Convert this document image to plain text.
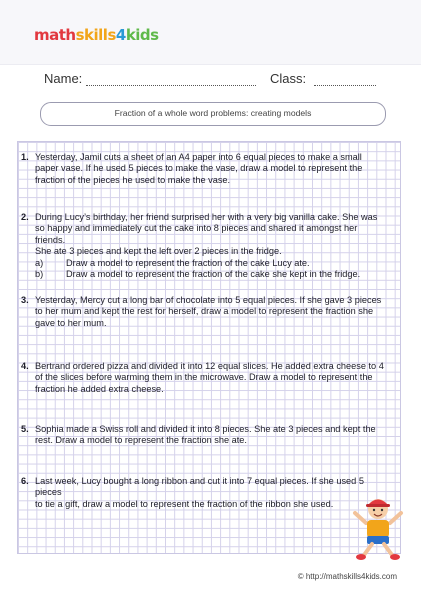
mathskills4kids
Name:	Class:
Fraction of a whole word problems: creating models
1. Yesterday, Jamil cuts a sheet of an A4 paper into 6 equal pieces to make a small
paper vase. If he used 5 pieces to make the vase, draw a model to represent the
fraction of the pieces he used to make the vase.
2. During Lucy’s birthday, her friend surprised her with a very big vanilla cake. She was
so happy and immediately cut the cake into 8 pieces and shared it amongst her friends.
She ate 3 pieces and kept the left over 2 pieces in the fridge.
a) Draw a model to represent the fraction of the cake Lucy ate.
b) Draw a model to represent the fraction of the cake she kept in the fridge.
3. Yesterday, Mercy cut a long bar of chocolate into 5 equal pieces. If she gave 3 pieces
to her mum and kept the rest for herself, draw a model to represent the fraction she
gave to her mum.
4. Bertrand ordered pizza and divided it into 12 equal slices. He added extra cheese to 4
of the slices before warming them in the microwave. Draw a model to represent the
fraction he added extra cheese.
5. Sophia made a Swiss roll and divided it into 8 pieces. She ate 3 pieces and kept the
rest. Draw a model to represent the fraction she ate.
6. Last week, Lucy bought a long ribbon and cut it into 7 equal pieces. If she used 5 pieces
to tie a gift, draw a model to represent the fraction of the ribbon she used.
© http://mathskills4kids.com
